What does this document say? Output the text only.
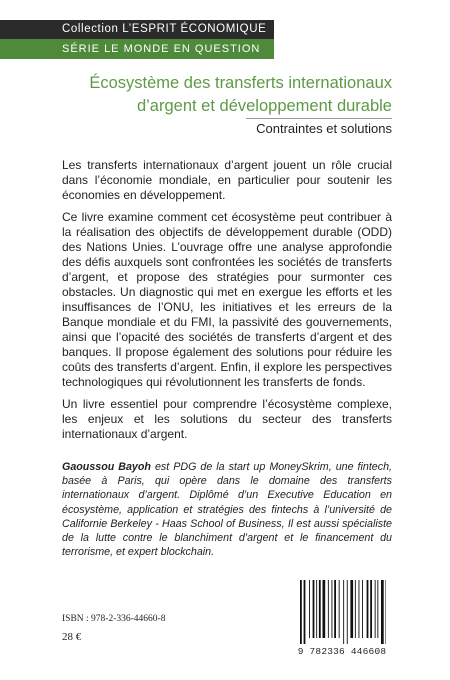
Collection L’ESPRIT ÉCONOMIQUE
SÉRIE LE MONDE EN QUESTION
Écosystème des transferts internationaux d’argent et développement durable
Contraintes et solutions

Les transferts internationaux d’argent jouent un rôle crucial dans l’économie mondiale, en particulier pour soutenir les économies en développement.

Ce livre examine comment cet écosystème peut contribuer à la réalisation des objectifs de développement durable (ODD) des Nations Unies. L’ouvrage offre une analyse approfondie des défis auxquels sont confrontées les sociétés de transferts d’argent, et propose des stratégies pour surmonter ces obstacles. Un diagnostic qui met en exergue les efforts et les insuffisances de l’ONU, les initiatives et les erreurs de la Banque mondiale et du FMI, la passivité des gouvernements, ainsi que l’opacité des sociétés de transferts d’argent et des banques. Il propose également des solutions pour réduire les coûts des transferts d’argent. Enfin, il explore les perspectives technologiques qui révolutionnent les transferts de fonds.

Un livre essentiel pour comprendre l’écosystème complexe, les enjeux et les solutions du secteur des transferts internationaux d’argent.

Gaoussou Bayoh est PDG de la start up MoneySkrim, une fintech, basée à Paris, qui opère dans le domaine des transferts internationaux d’argent. Diplômé d’un Executive Education en écosystème, application et stratégies des fintechs à l’université de Californie Berkeley - Haas School of Business, Il est aussi spécialiste de la lutte contre le blanchiment d’argent et le financement du terrorisme, et expert blockchain.
ISBN : 978-2-336-44660-8
28 €
9 782336 446608
